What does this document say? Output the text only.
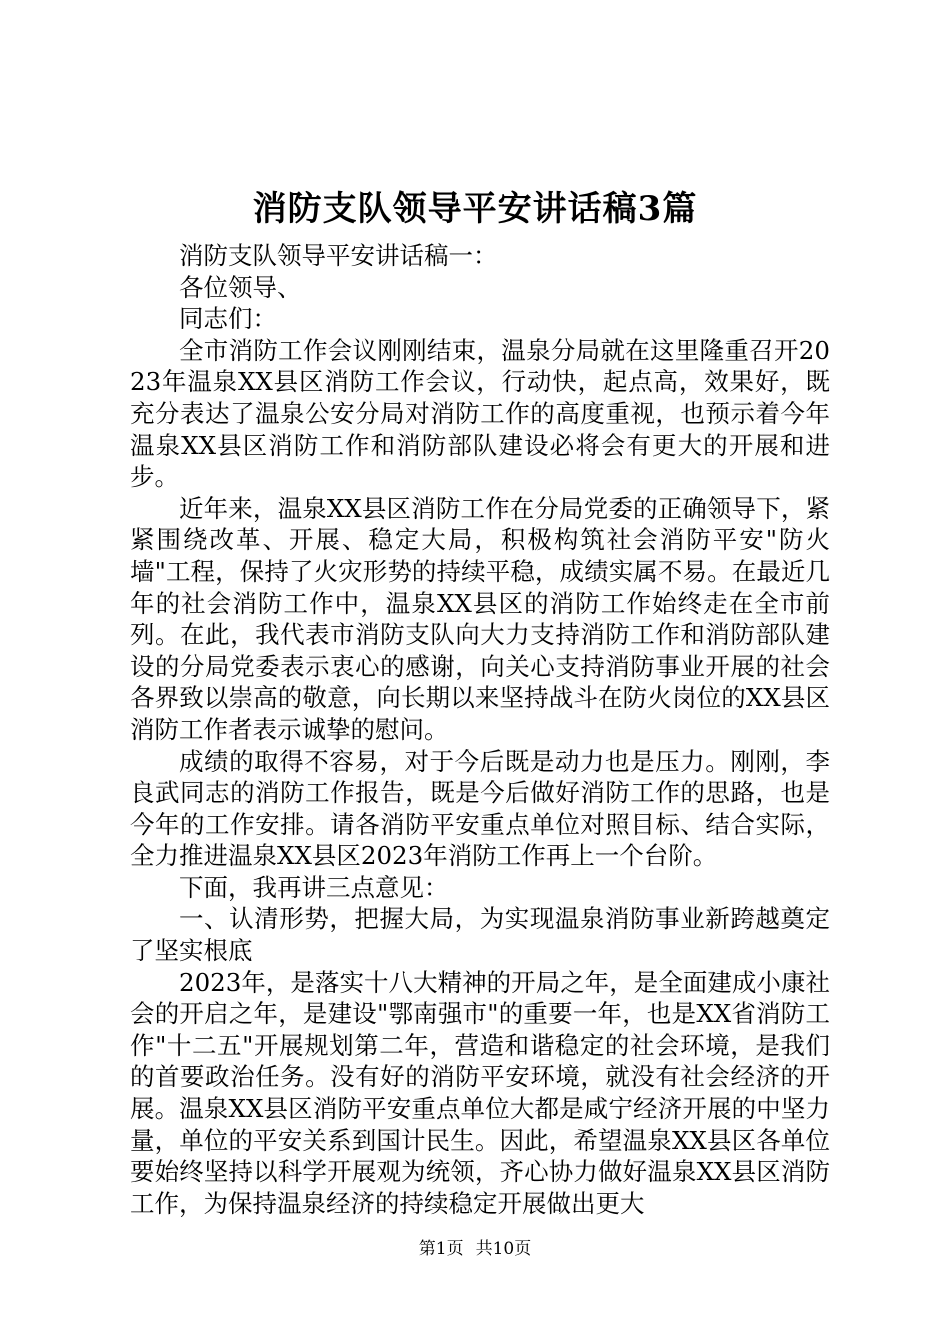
消防支队领导平安讲话稿3篇

消防支队领导平安讲话稿一：

各位领导、

同志们：

全市消防工作会议刚刚结束，温泉分局就在这里隆重召开2023年温泉XX县区消防工作会议，行动快，起点高，效果好，既充分表达了温泉公安分局对消防工作的高度重视，也预示着今年温泉XX县区消防工作和消防部队建设必将会有更大的开展和进步。

近年来，温泉XX县区消防工作在分局党委的正确领导下，紧紧围绕改革、开展、稳定大局，积极构筑社会消防平安"防火墙"工程，保持了火灾形势的持续平稳，成绩实属不易。在最近几年的社会消防工作中，温泉XX县区的消防工作始终走在全市前列。在此，我代表市消防支队向大力支持消防工作和消防部队建设的分局党委表示衷心的感谢，向关心支持消防事业开展的社会各界致以崇高的敬意，向长期以来坚持战斗在防火岗位的XX县区消防工作者表示诚挚的慰问。

成绩的取得不容易，对于今后既是动力也是压力。刚刚，李良武同志的消防工作报告，既是今后做好消防工作的思路，也是今年的工作安排。请各消防平安重点单位对照目标、结合实际，全力推进温泉XX县区2023年消防工作再上一个台阶。

下面，我再讲三点意见：

一、认清形势，把握大局，为实现温泉消防事业新跨越奠定了坚实根底

2023年，是落实十八大精神的开局之年，是全面建成小康社会的开启之年，是建设"鄂南强市"的重要一年，也是XX省消防工作"十二五"开展规划第二年，营造和谐稳定的社会环境，是我们的首要政治任务。没有好的消防平安环境，就没有社会经济的开展。温泉XX县区消防平安重点单位大都是咸宁经济开展的中坚力量，单位的平安关系到国计民生。因此，希望温泉XX县区各单位要始终坚持以科学开展观为统领，齐心协力做好温泉XX县区消防工作，为保持温泉经济的持续稳定开展做出更大

第1页 共10页
